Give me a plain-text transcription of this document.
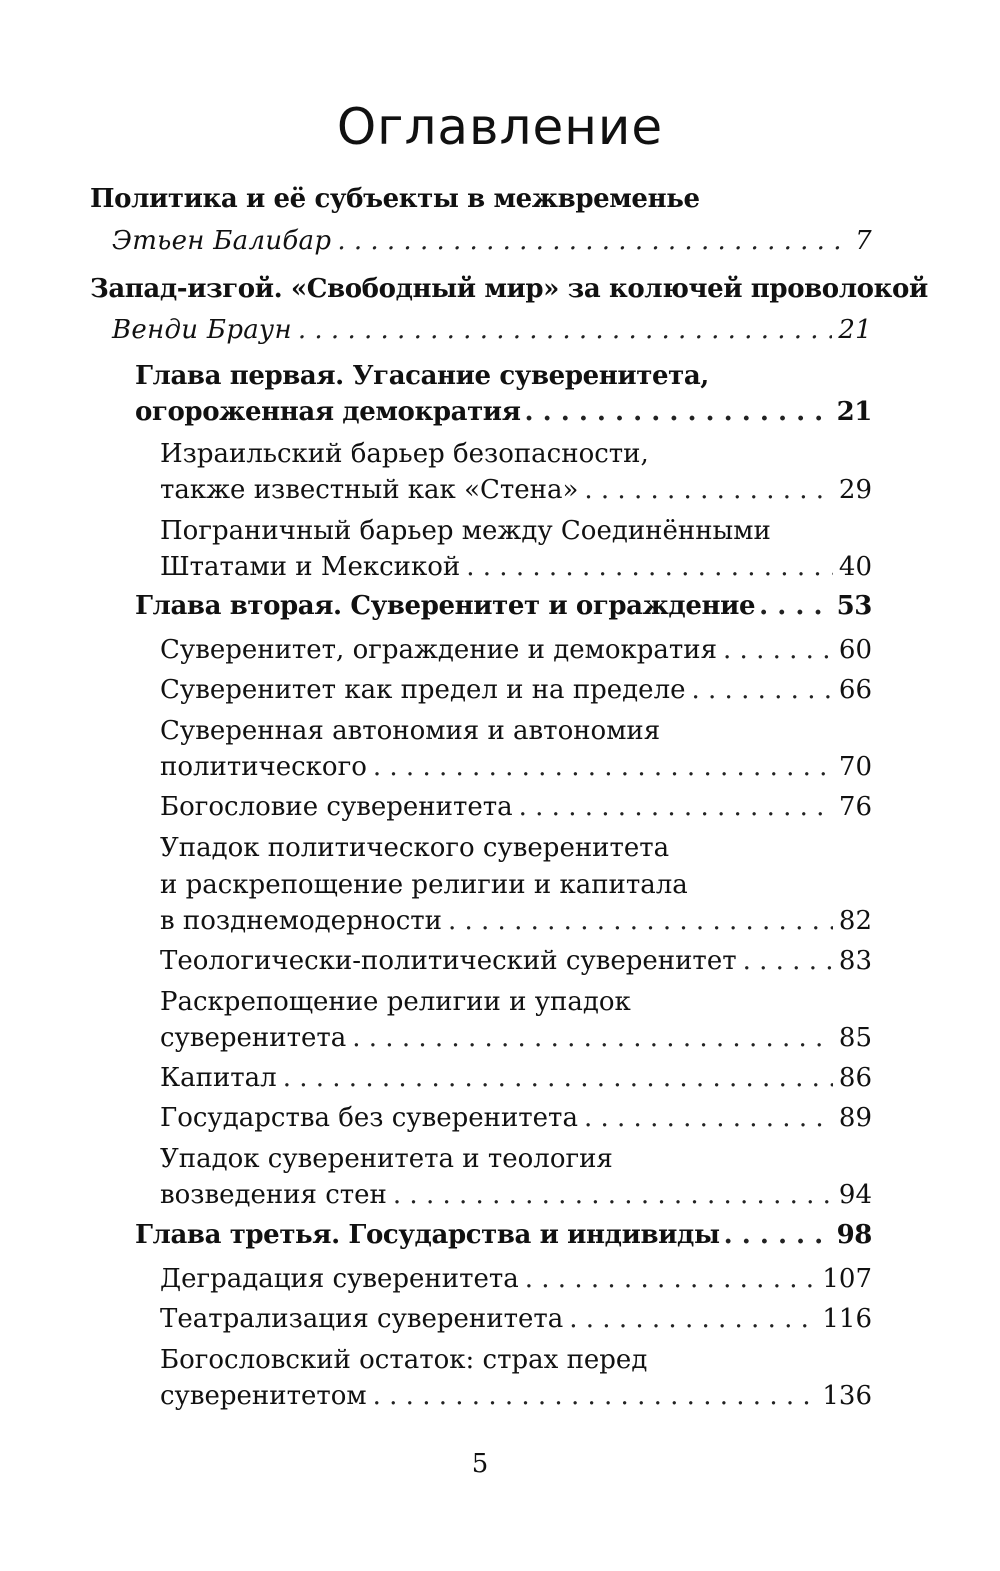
Оглавление
Политика и её субъекты в межвременье
Этьен Балибар . . .	7
Запад-изгой. «Свободный мир» за колючей проволокой
Венди Браун . . .	21
Глава первая. Угасание суверенитета,
огороженная демократия . . .	21
Израильский барьер безопасности,
также известный как «Стена» . . .	29
Пограничный барьер между Соединёнными
Штатами и Мексикой . . .	40
Глава вторая. Суверенитет и ограждение . . .	53
Суверенитет, ограждение и демократия . . .	60
Суверенитет как предел и на пределе . . .	66
Суверенная автономия и автономия
политического . . .	70
Богословие суверенитета . . .	76
Упадок политического суверенитета
и раскрепощение религии и капитала
в позднемодерности . . .	82
Теологически-политический суверенитет . . .	83
Раскрепощение религии и упадок
суверенитета . . .	85
Капитал . . .	86
Государства без суверенитета . . .	89
Упадок суверенитета и теология
возведения стен . . .	94
Глава третья. Государства и индивиды . . .	98
Деградация суверенитета . . .	107
Театрализация суверенитета . . .	116
Богословский остаток: страх перед
суверенитетом . . .	136
5
